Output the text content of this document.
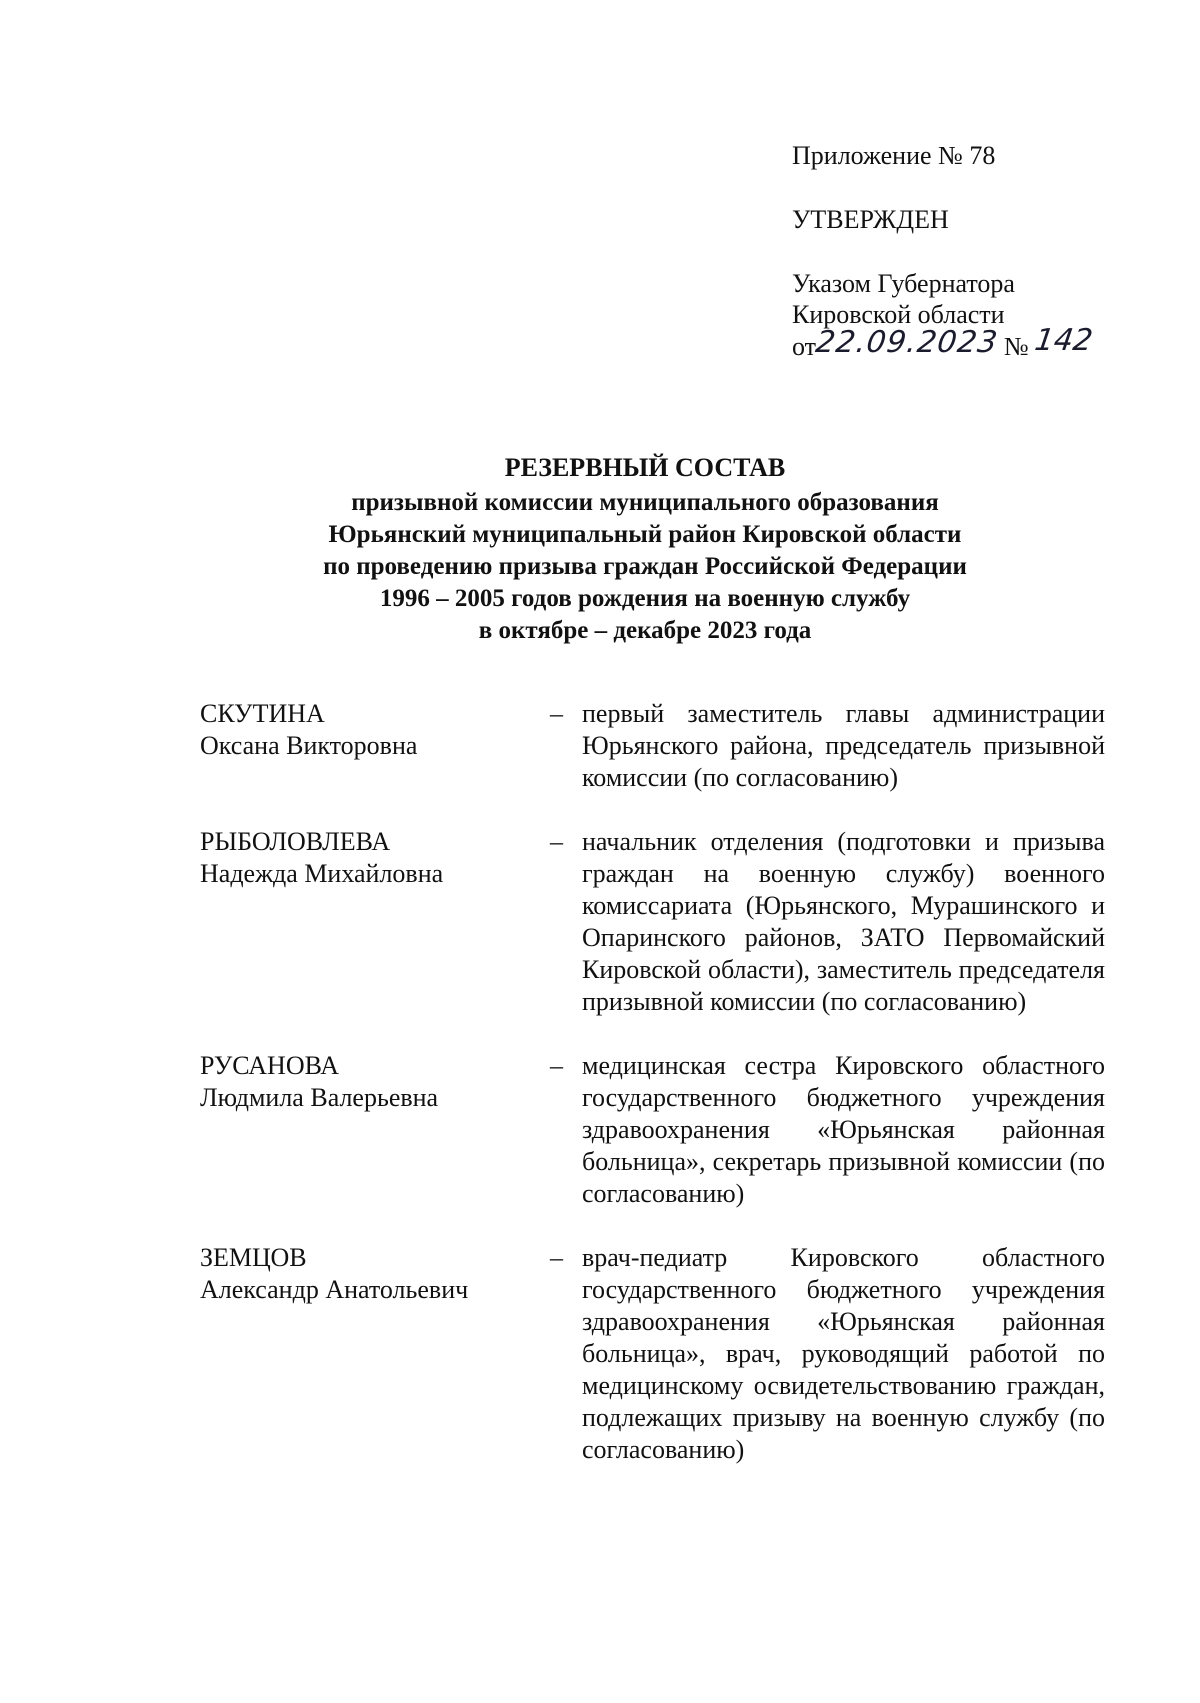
Приложение № 78
УТВЕРЖДЕН
Указом Губернатора
Кировской области
от22.09.2023 № 142
РЕЗЕРВНЫЙ СОСТАВ
призывной комиссии муниципального образования
Юрьянский муниципальный район Кировской области
по проведению призыва граждан Российской Федерации
1996 – 2005 годов рождения на военную службу
в октябре – декабре 2023 года
СКУТИНА
Оксана Викторовна
– первый заместитель главы администрации Юрьянского района, председатель призывной комиссии (по согласованию)
РЫБОЛОВЛЕВА
Надежда Михайловна
– начальник отделения (подготовки и призыва граждан на военную службу) военного комиссариата (Юрьянского, Мурашинского и Опаринского районов, ЗАТО Первомайский Кировской области), заместитель председателя призывной комиссии (по согласованию)
РУСАНОВА
Людмила Валерьевна
– медицинская сестра Кировского областного государственного бюджетного учреждения здравоохранения «Юрьянская районная больница», секретарь призывной комиссии (по согласованию)
ЗЕМЦОВ
Александр Анатольевич
– врач-педиатр Кировского областного государственного бюджетного учреждения здравоохранения «Юрьянская районная больница», врач, руководящий работой по медицинскому освидетельствованию граждан, подлежащих призыву на военную службу (по согласованию)
